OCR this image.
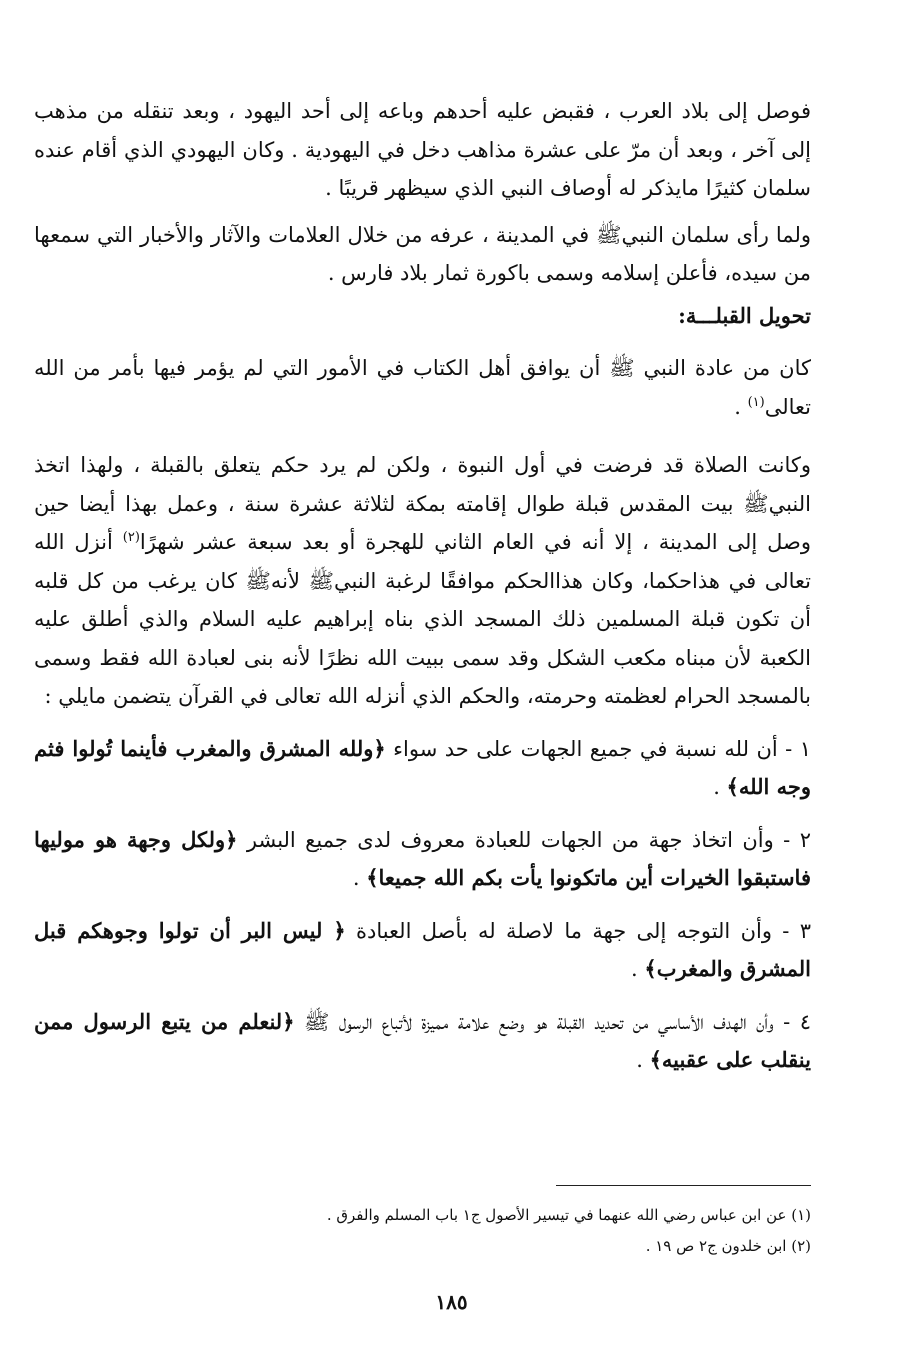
فوصل إلى بلاد العرب ، فقبض عليه أحدهم وباعه إلى أحد اليهود ، وبعد تنقله من مذهب إلى آخر ، وبعد أن مرّ على عشرة مذاهب دخل في اليهودية . وكان اليهودي الذي أقام عنده سلمان كثيرًا مايذكر له أوصاف النبي الذي سيظهر قريبًا .

ولما رأى سلمان النبيﷺ في المدينة ، عرفه من خلال العلامات والآثار والأخبار التي سمعها من سيده، فأعلن إسلامه وسمى باكورة ثمار بلاد فارس .

تحويل القبلـــة:

كان من عادة النبي ﷺ أن يوافق أهل الكتاب في الأمور التي لم يؤمر فيها بأمر من الله تعالى$^{(١)}$ .

وكانت الصلاة قد فرضت في أول النبوة ، ولكن لم يرد حكم يتعلق بالقبلة ، ولهذا اتخذ النبيﷺ بيت المقدس قبلة طوال إقامته بمكة لثلاثة عشرة سنة ، وعمل بهذا أيضا حين وصل إلى المدينة ، إلا أنه في العام الثاني للهجرة أو بعد سبعة عشر شهرًا$^{(٢)}$ أنزل الله تعالى في هذاحكما، وكان هذاالحكم موافقًا لرغبة النبيﷺ لأنهﷺ كان يرغب من كل قلبه أن تكون قبلة المسلمين ذلك المسجد الذي بناه إبراهيم عليه السلام والذي أطلق عليه الكعبة لأن مبناه مكعب الشكل وقد سمى ببيت الله نظرًا لأنه بنى لعبادة الله فقط وسمى بالمسجد الحرام لعظمته وحرمته، والحكم الذي أنزله الله تعالى في القرآن يتضمن مايلي :

١ - أن لله نسبة في جميع الجهات على حد سواء ﴿ولله المشرق والمغرب فأينما تُولوا فثم وجه الله﴾ .

٢ - وأن اتخاذ جهة من الجهات للعبادة معروف لدى جميع البشر ﴿ولكل وجهة هو موليها فاستبقوا الخيرات أين ماتكونوا يأت بكم الله جميعا﴾ .

٣ - وأن التوجه إلى جهة ما لاصلة له بأصل العبادة ﴿ ليس البر أن تولوا وجوهكم قبل المشرق والمغرب﴾ .

٤ - وأن الهدف الأساسي من تحديد القبلة هو وضع علامة مميزة لأتباع الرسول ﷺ ﴿لنعلم من يتبع الرسول ممن ينقلب على عقبيه﴾ .

(١) عن ابن عباس رضي الله عنهما في تيسير الأصول ج١ باب المسلم والفرق .

(٢) ابن خلدون ج٢ ص ١٩ .

١٨٥
